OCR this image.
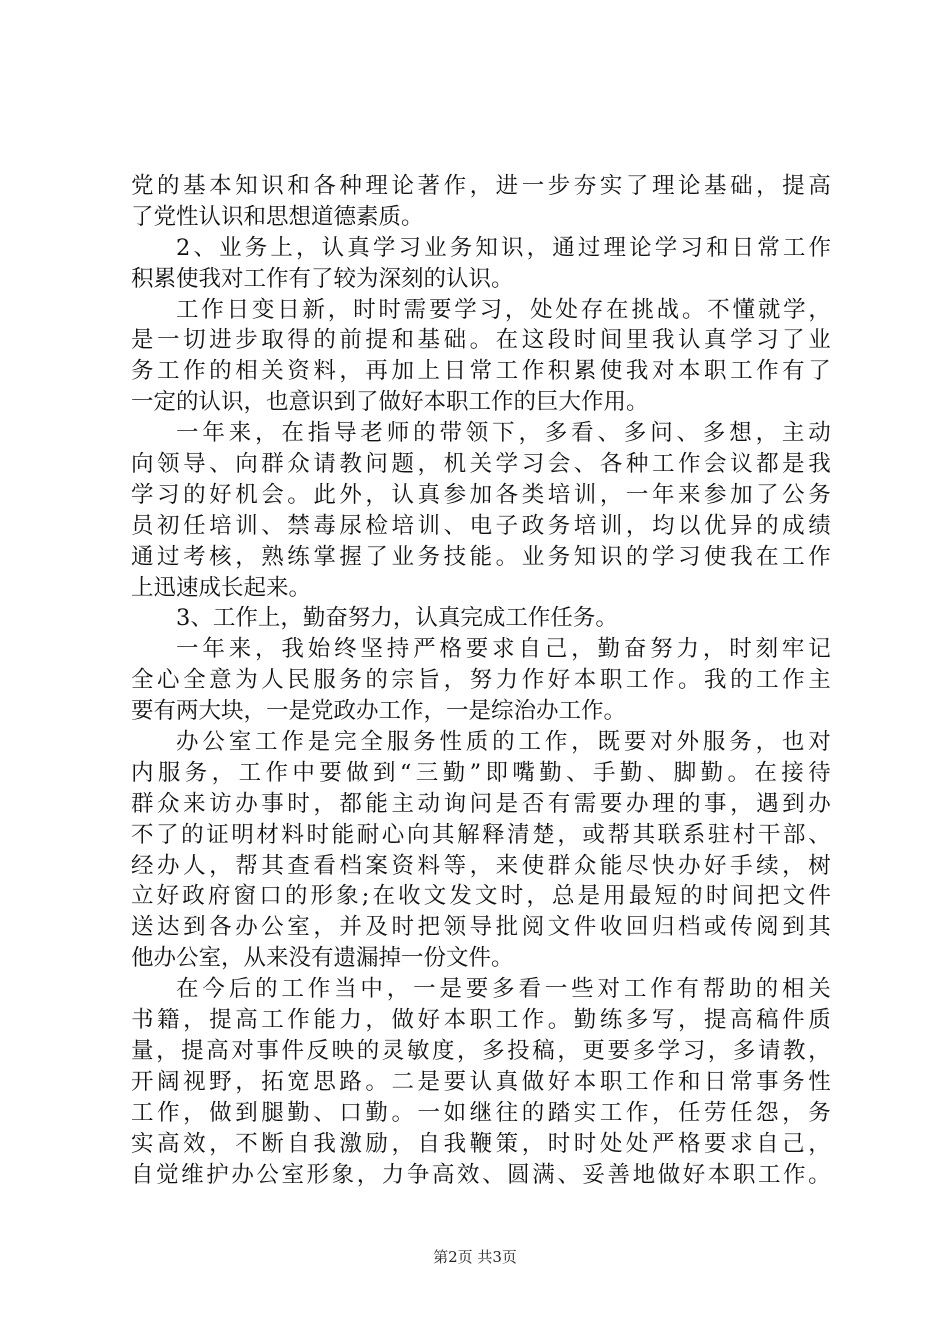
党 的 基 本 知 识 和 各 种 理 论 著 作 ， 进 一 步 夯 实 了 理 论 基 础 ， 提 高
了党性认识和思想道德素质。
2 、 业 务 上 ， 认 真 学 习 业 务 知 识 ， 通 过 理 论 学 习 和 日 常 工 作
积累使我对工作有了较为深刻的认识。
工 作 日 变 日 新 ， 时 时 需 要 学 习 ， 处 处 存 在 挑 战 。 不 懂 就 学 ，
是 一 切 进 步 取 得 的 前 提 和 基 础 。 在 这 段 时 间 里 我 认 真 学 习 了 业
务 工 作 的 相 关 资 料 ， 再 加 上 日 常 工 作 积 累 使 我 对 本 职 工 作 有 了
一定的认识，也意识到了做好本职工作的巨大作用。
一 年 来 ， 在 指 导 老 师 的 带 领 下 ， 多 看 、 多 问 、 多 想 ， 主 动
向 领 导 、 向 群 众 请 教 问 题 ， 机 关 学 习 会 、 各 种 工 作 会 议 都 是 我
学 习 的 好 机 会 。 此 外 ， 认 真 参 加 各 类 培 训 ， 一 年 来 参 加 了 公 务
员 初 任 培 训 、 禁 毒 尿 检 培 训 、 电 子 政 务 培 训 ， 均 以 优 异 的 成 绩
通 过 考 核 ， 熟 练 掌 握 了 业 务 技 能 。 业 务 知 识 的 学 习 使 我 在 工 作
上迅速成长起来。
3、工作上，勤奋努力，认真完成工作任务。
一 年 来 ， 我 始 终 坚 持 严 格 要 求 自 己 ， 勤 奋 努 力 ， 时 刻 牢 记
全 心 全 意 为 人 民 服 务 的 宗 旨 ， 努 力 作 好 本 职 工 作 。 我 的 工 作 主
要有两大块，一是党政办工作，一是综治办工作。
办 公 室 工 作 是 完 全 服 务 性 质 的 工 作 ， 既 要 对 外 服 务 ， 也 对
内 服 务 ， 工 作 中 要 做 到 “ 三 勤 ” 即 嘴 勤 、 手 勤 、 脚 勤 。 在 接 待
群 众 来 访 办 事 时 ， 都 能 主 动 询 问 是 否 有 需 要 办 理 的 事 ， 遇 到 办
不 了 的 证 明 材 料 时 能 耐 心 向 其 解 释 清 楚 ， 或 帮 其 联 系 驻 村 干 部 、
经 办 人 ， 帮 其 查 看 档 案 资 料 等 ， 来 使 群 众 能 尽 快 办 好 手 续 ， 树
立 好 政 府 窗 口 的 形 象 ; 在 收 文 发 文 时 ， 总 是 用 最 短 的 时 间 把 文 件
送 达 到 各 办 公 室 ， 并 及 时 把 领 导 批 阅 文 件 收 回 归 档 或 传 阅 到 其
他办公室，从来没有遗漏掉一份文件。
在 今 后 的 工 作 当 中 ， 一 是 要 多 看 一 些 对 工 作 有 帮 助 的 相 关
书 籍 ， 提 高 工 作 能 力 ， 做 好 本 职 工 作 。 勤 练 多 写 ， 提 高 稿 件 质
量 ， 提 高 对 事 件 反 映 的 灵 敏 度 ， 多 投 稿 ， 更 要 多 学 习 ， 多 请 教 ，
开 阔 视 野 ， 拓 宽 思 路 。 二 是 要 认 真 做 好 本 职 工 作 和 日 常 事 务 性
工 作 ， 做 到 腿 勤 、 口 勤 。 一 如 继 往 的 踏 实 工 作 ， 任 劳 任 怨 ， 务
实 高 效 ， 不 断 自 我 激 励 ， 自 我 鞭 策 ， 时 时 处 处 严 格 要 求 自 己 ，
自 觉 维 护 办 公 室 形 象 ， 力 争 高 效 、 圆 满 、 妥 善 地 做 好 本 职 工 作 。
第2页 共3页
